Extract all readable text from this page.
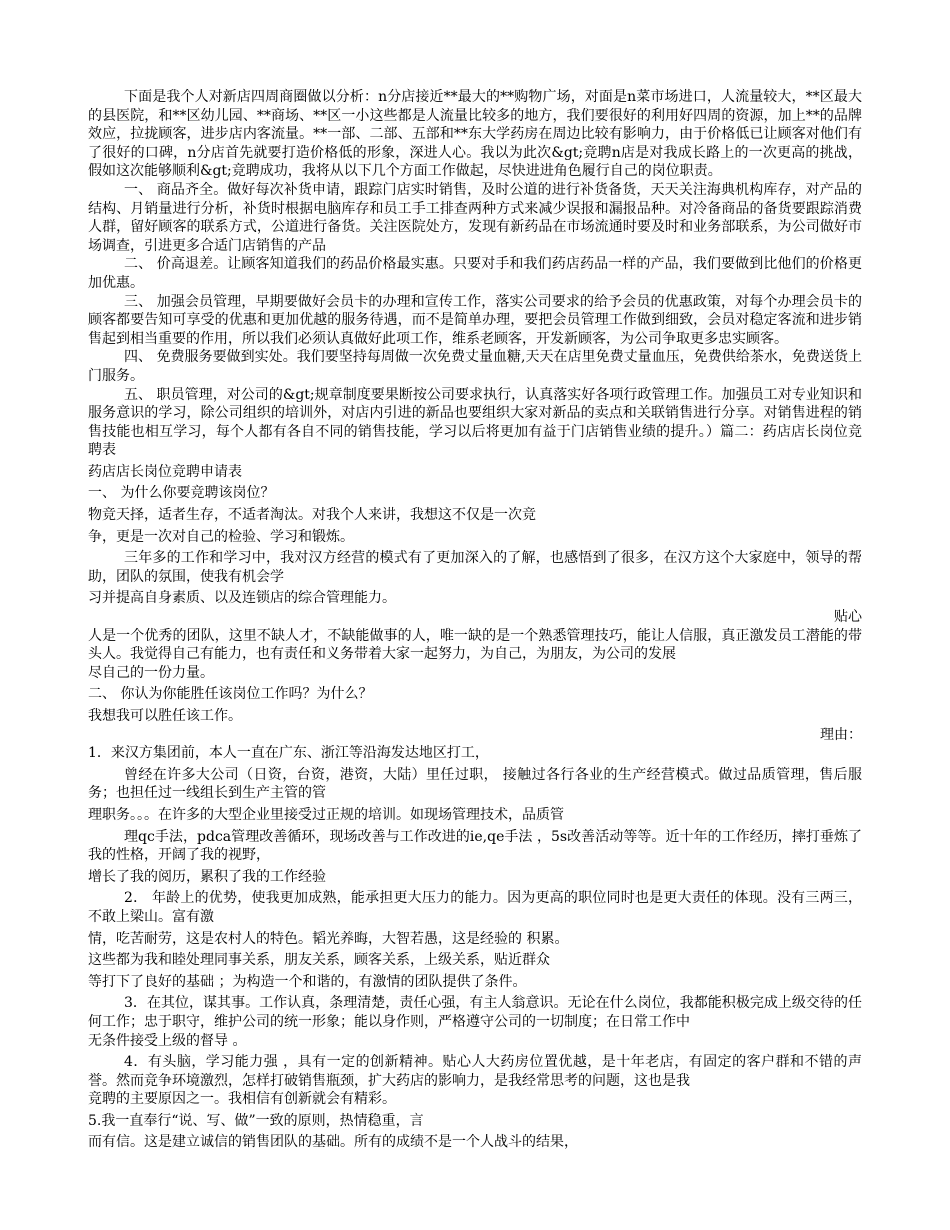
下面是我个人对新店四周商圈做以分析：n分店接近**最大的**购物广场，对面是n菜市场进口，人流量较大，**区最大的县医院，和**区幼儿园、**商场、**区一小这些都是人流量比较多的地方，我们要很好的利用好四周的资源，加上**的品牌效应，拉拢顾客，进步店内客流量。**一部、二部、五部和**东大学药房在周边比较有影响力，由于价格低已让顾客对他们有了很好的口碑，n分店首先就要打造价格低的形象，深进人心。我以为此次&gt;竞聘n店是对我成长路上的一次更高的挑战，假如这次能够顺利&gt;竞聘成功，我将从以下几个方面工作做起，尽快进进角色履行自己的岗位职责。

一、 商品齐全。做好每次补货申请，跟踪门店实时销售，及时公道的进行补货备货，天天关注海典机构库存，对产品的结构、月销量进行分析，补货时根据电脑库存和员工手工排查两种方式来减少误报和漏报品种。对冷备商品的备货要跟踪消费人群，留好顾客的联系方式，公道进行备货。关注医院处方，发现有新药品在市场流通时要及时和业务部联系，为公司做好市场调查，引进更多合适门店销售的产品

二、 价高退差。让顾客知道我们的药品价格最实惠。只要对手和我们药店药品一样的产品，我们要做到比他们的价格更加优惠。

三、 加强会员管理，早期要做好会员卡的办理和宣传工作，落实公司要求的给予会员的优惠政策，对每个办理会员卡的顾客都要告知可享受的优惠和更加优越的服务待遇，而不是简单办理，要把会员管理工作做到细致，会员对稳定客流和进步销售起到相当重要的作用，所以我们必须认真做好此项工作，维系老顾客，开发新顾客，为公司争取更多忠实顾客。

四、 免费服务要做到实处。我们要坚持每周做一次免费丈量血糖,天天在店里免费丈量血压，免费供给茶水，免费送货上门服务。

五、 职员管理，对公司的&gt;规章制度要果断按公司要求执行，认真落实好各项行政管理工作。加强员工对专业知识和服务意识的学习，除公司组织的培训外，对店内引进的新品也要组织大家对新品的卖点和关联销售进行分享。对销售进程的销售技能也相互学习，每个人都有各自不同的销售技能，学习以后将更加有益于门店销售业绩的提升。）篇二：药店店长岗位竞聘表

药店店长岗位竞聘申请表

一、 为什么你要竞聘该岗位？

物竞天择，适者生存，不适者淘汰。对我个人来讲，我想这不仅是一次竞

争，更是一次对自己的检验、学习和锻炼。

三年多的工作和学习中，我对汉方经营的模式有了更加深入的了解，也感悟到了很多，在汉方这个大家庭中，领导的帮助，团队的氛围，使我有机会学

习并提高自身素质、以及连锁店的综合管理能力。

贴心

人是一个优秀的团队，这里不缺人才，不缺能做事的人，唯一缺的是一个熟悉管理技巧，能让人信服，真正激发员工潜能的带头人。我觉得自己有能力，也有责任和义务带着大家一起努力，为自己，为朋友，为公司的发展

尽自己的一份力量。

二、 你认为你能胜任该岗位工作吗？为什么？

我想我可以胜任该工作。

理由：

1．来汉方集团前，本人一直在广东、浙江等沿海发达地区打工，

曾经在许多大公司（日资，台资，港资，大陆）里任过职， 接触过各行各业的生产经营模式。做过品质管理，售后服务；也担任过一线组长到生产主管的管

理职务。。。在许多的大型企业里接受过正规的培训。如现场管理技术，品质管

理qc手法，pdca管理改善循环，现场改善与工作改进的ie,qe手法 ，5s改善活动等等。近十年的工作经历，摔打垂炼了我的性格，开阔了我的视野，

增长了我的阅历，累积了我的工作经验

2． 年龄上的优势，使我更加成熟，能承担更大压力的能力。因为更高的职位同时也是更大责任的体现。没有三两三，不敢上梁山。富有激

情，吃苦耐劳，这是农村人的特色。韬光养晦，大智若愚，这是经验的 积累。

这些都为我和睦处理同事关系，朋友关系，顾客关系，上级关系，贴近群众

等打下了良好的基础 ；为构造一个和谐的，有激情的团队提供了条件。

3．在其位，谋其事。工作认真，条理清楚，责任心强，有主人翁意识。无论在什么岗位，我都能积极完成上级交待的任何工作；忠于职守，维护公司的统一形象；能以身作则，严格遵守公司的一切制度；在日常工作中

无条件接受上级的督导 。

4．有头脑，学习能力强 ，具有一定的创新精神。贴心人大药房位置优越，是十年老店，有固定的客户群和不错的声誉。然而竞争环境激烈，怎样打破销售瓶颈，扩大药店的影响力，是我经常思考的问题，这也是我

竞聘的主要原因之一。我相信有创新就会有精彩。

5.我一直奉行“说、写、做”一致的原则，热情稳重，言

而有信。这是建立诚信的销售团队的基础。所有的成绩不是一个人战斗的结果，
